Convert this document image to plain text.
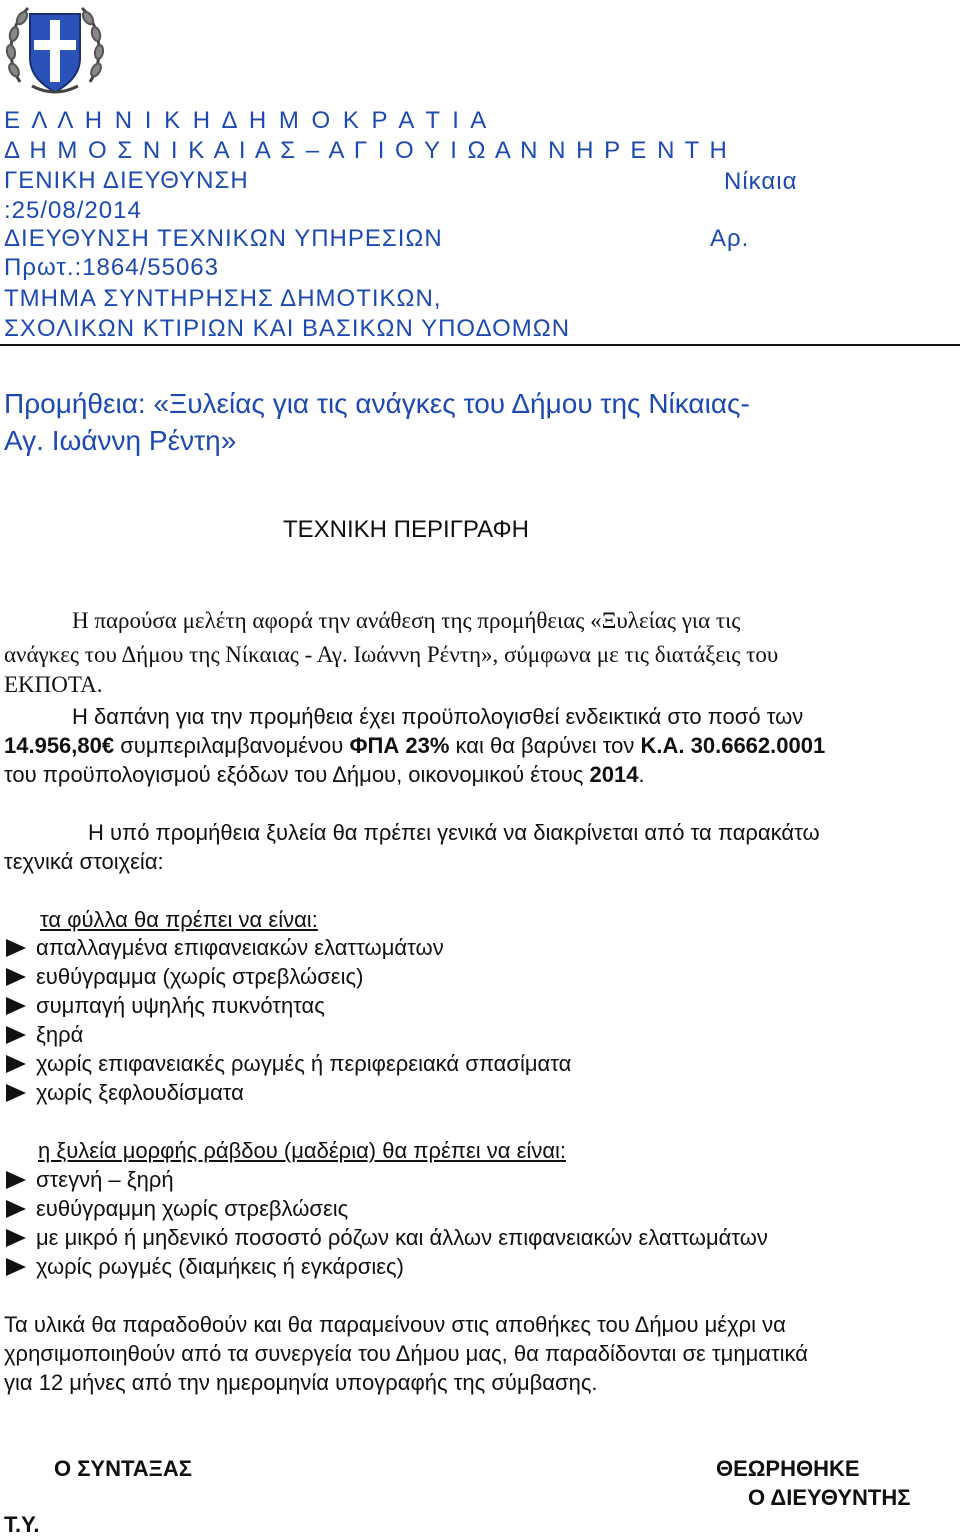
Ε Λ Λ Η Ν Ι Κ Η Δ Η Μ Ο Κ Ρ Α Τ Ι Α
Δ Η Μ Ο Σ Ν Ι Κ Α Ι Α Σ – Α Γ Ι Ο Υ Ι Ω Α Ν Ν Η Ρ Ε Ν Τ Η
ΓΕΝΙΚΗ ΔΙΕΥΘΥΝΣΗ
:25/08/2014
ΔΙΕΥΘΥΝΣΗ ΤΕΧΝΙΚΩΝ ΥΠΗΡΕΣΙΩΝ
Πρωτ.:1864/55063
ΤΜΗΜΑ ΣΥΝΤΗΡΗΣΗΣ ΔΗΜΟΤΙΚΩΝ,
ΣΧΟΛΙΚΩΝ ΚΤΙΡΙΩΝ ΚΑΙ ΒΑΣΙΚΩΝ ΥΠΟΔΟΜΩΝ
Νίκαια
Αρ.
Προμήθεια: «Ξυλείας για τις ανάγκες του Δήμου της Νίκαιας-
Αγ. Ιωάννη Ρέντη»
ΤΕΧΝΙΚΗ ΠΕΡΙΓΡΑΦΗ
Η παρούσα μελέτη αφορά την ανάθεση της προμήθειας «Ξυλείας για τις
ανάγκες του Δήμου της Νίκαιας - Αγ. Ιωάννη Ρέντη», σύμφωνα με τις διατάξεις του
ΕΚΠΟΤΑ.
Η δαπάνη για την προμήθεια έχει προϋπολογισθεί ενδεικτικά στο ποσό των
14.956,80€ συμπεριλαμβανομένου ΦΠΑ 23% και θα βαρύνει τον Κ.Α. 30.6662.0001
του προϋπολογισμού εξόδων του Δήμου, οικονομικού έτους 2014.
Η υπό προμήθεια ξυλεία θα πρέπει γενικά να διακρίνεται από τα παρακάτω
τεχνικά στοιχεία:
τα φύλλα θα πρέπει να είναι:
απαλλαγμένα επιφανειακών ελαττωμάτων
ευθύγραμμα (χωρίς στρεβλώσεις)
συμπαγή υψηλής πυκνότητας
ξηρά
χωρίς επιφανειακές ρωγμές ή περιφερειακά σπασίματα
χωρίς ξεφλουδίσματα
η ξυλεία μορφής ράβδου (μαδέρια) θα πρέπει να είναι:
στεγνή – ξηρή
ευθύγραμμη χωρίς στρεβλώσεις
με μικρό ή μηδενικό ποσοστό ρόζων και άλλων επιφανειακών ελαττωμάτων
χωρίς ρωγμές (διαμήκεις ή εγκάρσιες)
Τα υλικά θα παραδοθούν και θα παραμείνουν στις αποθήκες του Δήμου μέχρι να
χρησιμοποιηθούν από τα συνεργεία του Δήμου μας, θα παραδίδονται σε τμηματικά
για 12 μήνες από την ημερομηνία υπογραφής της σύμβασης.
Ο ΣΥΝΤΑΞΑΣ	ΘΕΩΡΗΘΗΚΕ
Ο ΔΙΕΥΘΥΝΤΗΣ
Τ.Υ.
